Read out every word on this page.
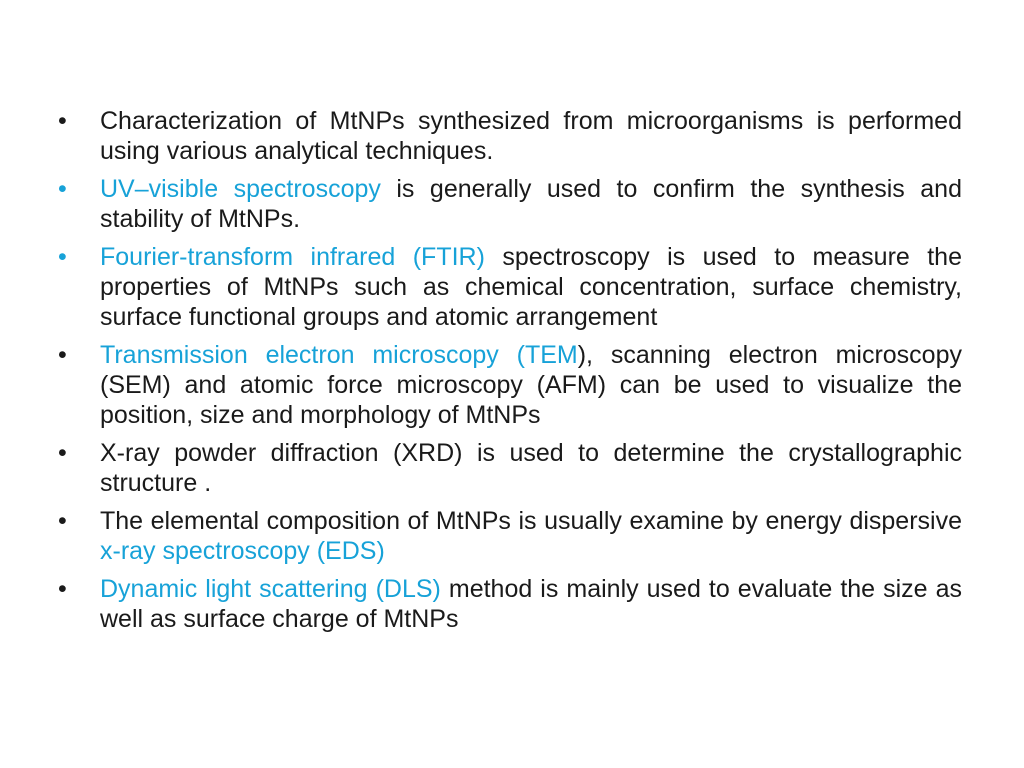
• Characterization of MtNPs synthesized from microorganisms is performed using various analytical techniques.
• UV–visible spectroscopy is generally used to confirm the synthesis and stability of MtNPs.
• Fourier-transform infrared (FTIR) spectroscopy is used to measure the properties of MtNPs such as chemical concentration, surface chemistry, surface functional groups and atomic arrangement
• Transmission electron microscopy (TEM), scanning electron microscopy (SEM) and atomic force microscopy (AFM) can be used to visualize the position, size and morphology of MtNPs
• X-ray powder diffraction (XRD) is used to determine the crystallographic structure .
• The elemental composition of MtNPs is usually examine by energy dispersive x-ray spectroscopy (EDS)
• Dynamic light scattering (DLS) method is mainly used to evaluate the size as well as surface charge of MtNPs
